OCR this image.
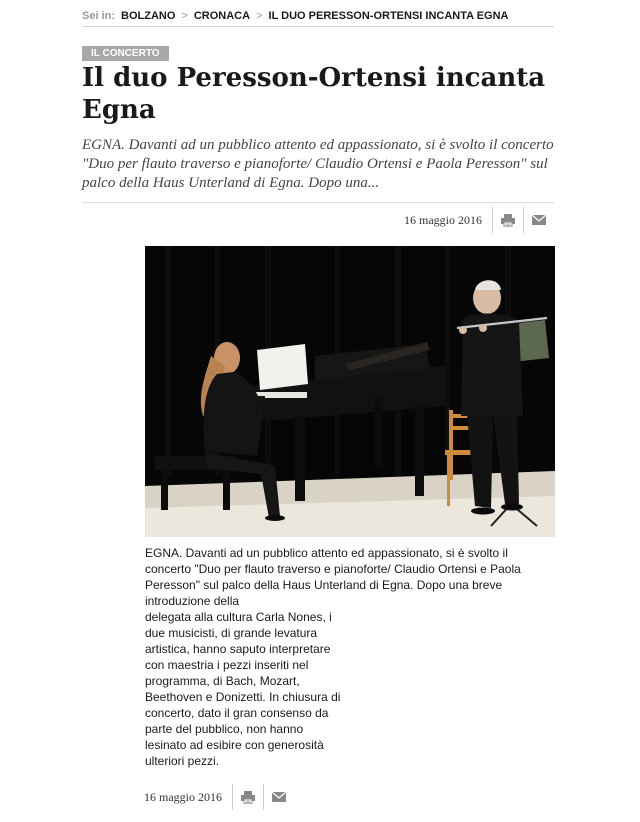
Sei in: BOLZANO > CRONACA > IL DUO PERESSON-ORTENSI INCANTA EGNA
IL CONCERTO
Il duo Peresson-Ortensi incanta Egna

EGNA. Davanti ad un pubblico attento ed appassionato, si è svolto il concerto "Duo per flauto traverso e pianoforte/ Claudio Ortensi e Paola Peresson" sul palco della Haus Unterland di Egna. Dopo una...

16 maggio 2016

EGNA. Davanti ad un pubblico attento ed appassionato, si è svolto il concerto "Duo per flauto traverso e pianoforte/ Claudio Ortensi e Paola Peresson" sul palco della Haus Unterland di Egna. Dopo una breve introduzione della

delegata alla cultura Carla Nones, i due musicisti, di grande levatura artistica, hanno saputo interpretare con maestria i pezzi inseriti nel programma, di Bach, Mozart, Beethoven e Donizetti. In chiusura di concerto, dato il gran consenso da parte del pubblico, non hanno lesinato ad esibire con generosità ulteriori pezzi.

16 maggio 2016
